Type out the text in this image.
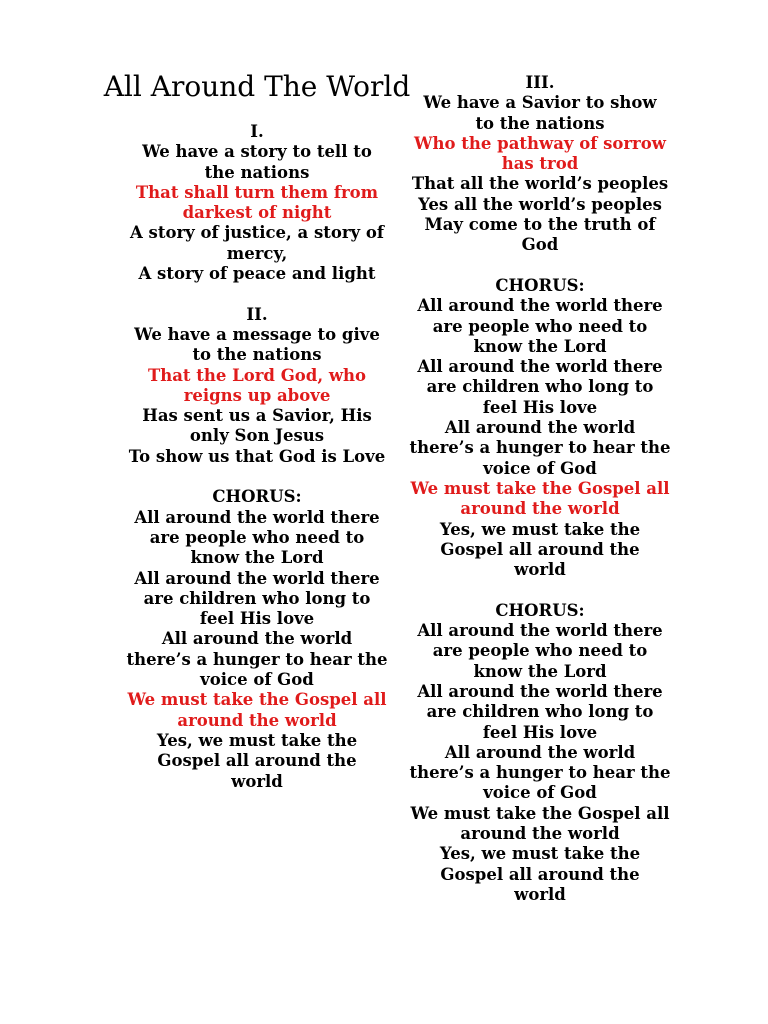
All Around The World
I.
We have a story to tell to
the nations
That shall turn them from
darkest of night
A story of justice, a story of
mercy,
A story of peace and light
II.
We have a message to give
to the nations
That the Lord God, who
reigns up above
Has sent us a Savior, His
only Son Jesus
To show us that God is Love
CHORUS:
All around the world there
are people who need to
know the Lord
All around the world there
are children who long to
feel His love
All around the world
there’s a hunger to hear the
voice of God
We must take the Gospel all
around the world
Yes, we must take the
Gospel all around the
world
III.
We have a Savior to show
to the nations
Who the pathway of sorrow
has trod
That all the world’s peoples
Yes all the world’s peoples
May come to the truth of
God
CHORUS:
All around the world there
are people who need to
know the Lord
All around the world there
are children who long to
feel His love
All around the world
there’s a hunger to hear the
voice of God
We must take the Gospel all
around the world
Yes, we must take the
Gospel all around the
world
CHORUS:
All around the world there
are people who need to
know the Lord
All around the world there
are children who long to
feel His love
All around the world
there’s a hunger to hear the
voice of God
We must take the Gospel all
around the world
Yes, we must take the
Gospel all around the
world
